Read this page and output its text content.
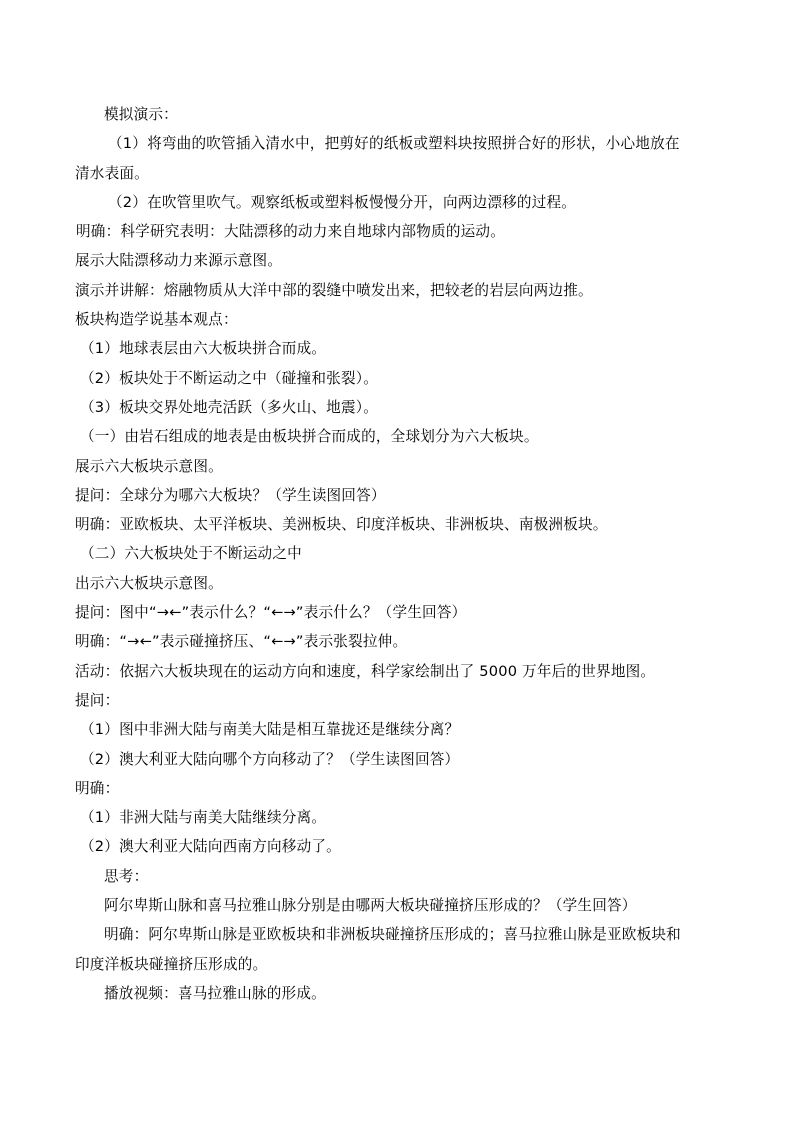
模拟演示：
（1）将弯曲的吹管插入清水中，把剪好的纸板或塑料块按照拼合好的形状，小心地放在
清水表面。
（2）在吹管里吹气。观察纸板或塑料板慢慢分开，向两边漂移的过程。
明确：科学研究表明：大陆漂移的动力来自地球内部物质的运动。
展示大陆漂移动力来源示意图。
演示并讲解：熔融物质从大洋中部的裂缝中喷发出来，把较老的岩层向两边推。
板块构造学说基本观点：
（1）地球表层由六大板块拼合而成。
（2）板块处于不断运动之中（碰撞和张裂）。
（3）板块交界处地壳活跃（多火山、地震）。
（一）由岩石组成的地表是由板块拼合而成的，全球划分为六大板块。
展示六大板块示意图。
提问：全球分为哪六大板块？（学生读图回答）
明确：亚欧板块、太平洋板块、美洲板块、印度洋板块、非洲板块、南极洲板块。
（二）六大板块处于不断运动之中
出示六大板块示意图。
提问：图中“→←”表示什么？“←→”表示什么？（学生回答）
明确：“→←”表示碰撞挤压、“←→”表示张裂拉伸。
活动：依据六大板块现在的运动方向和速度，科学家绘制出了 5000 万年后的世界地图。
提问：
（1）图中非洲大陆与南美大陆是相互靠拢还是继续分离？
（2）澳大利亚大陆向哪个方向移动了？（学生读图回答）
明确：
（1）非洲大陆与南美大陆继续分离。
（2）澳大利亚大陆向西南方向移动了。
思考：
阿尔卑斯山脉和喜马拉雅山脉分别是由哪两大板块碰撞挤压形成的？（学生回答）
明确：阿尔卑斯山脉是亚欧板块和非洲板块碰撞挤压形成的；喜马拉雅山脉是亚欧板块和
印度洋板块碰撞挤压形成的。
播放视频：喜马拉雅山脉的形成。
